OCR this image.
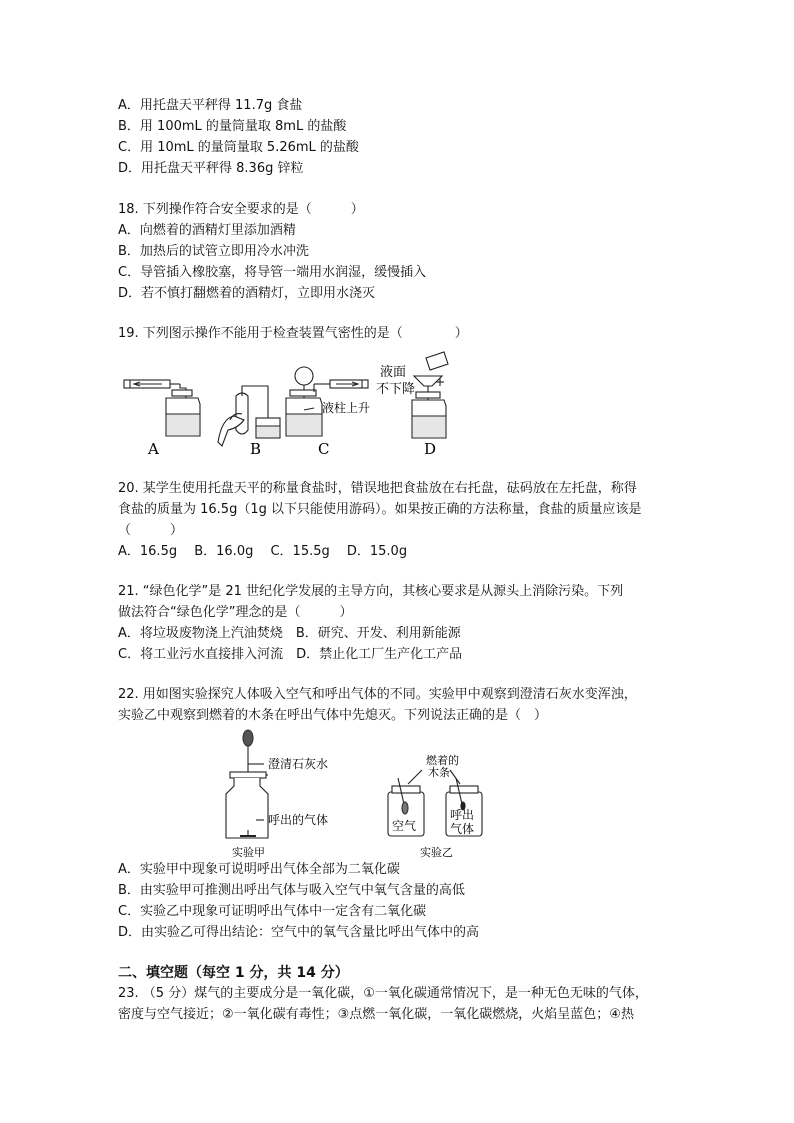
A．用托盘天平秤得 11.7g 食盐
B．用 100mL 的量筒量取 8mL 的盐酸
C．用 10mL 的量筒量取 5.26mL 的盐酸
D．用托盘天平秤得 8.36g 锌粒
18. 下列操作符合安全要求的是（　　　）
A．向燃着的酒精灯里添加酒精
B．加热后的试管立即用冷水冲洗
C．导管插入橡胶塞，将导管一端用水润湿，缓慢插入
D．若不慎打翻燃着的酒精灯，立即用水浇灭
19. 下列图示操作不能用于检查装置气密性的是（　　　　）
A	B	C	D
液柱上升
液面
不下降
20. 某学生使用托盘天平的称量食盐时，错误地把食盐放在右托盘，砝码放在左托盘，称得
食盐的质量为 16.5g（1g 以下只能使用游码）。如果按正确的方法称量，食盐的质量应该是
（　　　）
A．16.5g　 B．16.0g　 C．15.5g　 D．15.0g
21. “绿色化学”是 21 世纪化学发展的主导方向，其核心要求是从源头上消除污染。下列
做法符合“绿色化学”理念的是（　　　）
A．将垃圾废物浇上汽油焚烧　B．研究、开发、利用新能源
C．将工业污水直接排入河流　D．禁止化工厂生产化工产品
22. 用如图实验探究人体吸入空气和呼出气体的不同。实验甲中观察到澄清石灰水变浑浊，
实验乙中观察到燃着的木条在呼出气体中先熄灭。下列说法正确的是（　）
澄清石灰水
呼出的气体
实验甲
燃着的
木条
空气
呼出
气体
实验乙
A．实验甲中现象可说明呼出气体全部为二氧化碳
B．由实验甲可推测出呼出气体与吸入空气中氧气含量的高低
C．实验乙中现象可证明呼出气体中一定含有二氧化碳
D．由实验乙可得出结论：空气中的氧气含量比呼出气体中的高
二、填空题（每空 1 分，共 14 分）
23. （5 分）煤气的主要成分是一氧化碳，①一氧化碳通常情况下，是一种无色无味的气体，
密度与空气接近；②一氧化碳有毒性；③点燃一氧化碳，一氧化碳燃烧，火焰呈蓝色；④热
